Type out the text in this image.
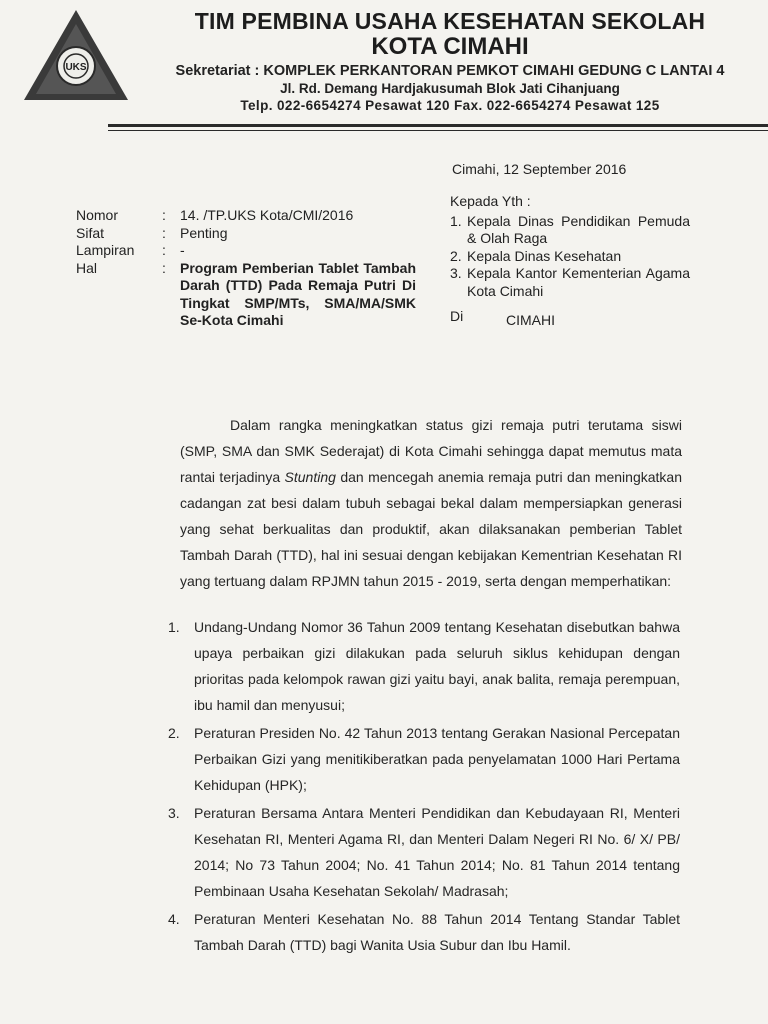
UKS
TIM PEMBINA USAHA KESEHATAN SEKOLAH
KOTA CIMAHI
Sekretariat : KOMPLEK PERKANTORAN PEMKOT CIMAHI GEDUNG C LANTAI 4
Jl. Rd. Demang Hardjakusumah Blok Jati Cihanjuang
Telp. 022-6654274 Pesawat 120 Fax. 022-6654274 Pesawat 125
Cimahi, 12 September 2016
Kepada Yth :
1. Kepala Dinas Pendidikan Pemuda & Olah Raga
2. Kepala Dinas Kesehatan
3. Kepala Kantor Kementerian Agama Kota Cimahi
Di	CIMAHI
Nomor	:	14. /TP.UKS Kota/CMI/2016
Sifat	:	Penting
Lampiran	:	-
Hal	:	Program Pemberian Tablet Tambah Darah (TTD) Pada Remaja Putri Di Tingkat SMP/MTs, SMA/MA/SMK Se-Kota Cimahi

Dalam rangka meningkatkan status gizi remaja putri terutama siswi (SMP, SMA dan SMK Sederajat) di Kota Cimahi sehingga dapat memutus mata rantai terjadinya Stunting dan mencegah anemia remaja putri dan meningkatkan cadangan zat besi dalam tubuh sebagai bekal dalam mempersiapkan generasi yang sehat berkualitas dan produktif, akan dilaksanakan pemberian Tablet Tambah Darah (TTD), hal ini sesuai dengan kebijakan Kementrian Kesehatan RI yang tertuang dalam RPJMN tahun 2015 - 2019, serta dengan memperhatikan:

1.	Undang-Undang Nomor 36 Tahun 2009 tentang Kesehatan disebutkan bahwa upaya perbaikan gizi dilakukan pada seluruh siklus kehidupan dengan prioritas pada kelompok rawan gizi yaitu bayi, anak balita, remaja perempuan, ibu hamil dan menyusui;
2.	Peraturan Presiden No. 42 Tahun 2013 tentang Gerakan Nasional Percepatan Perbaikan Gizi yang menitikiberatkan pada penyelamatan 1000 Hari Pertama Kehidupan (HPK);
3.	Peraturan Bersama Antara Menteri Pendidikan dan Kebudayaan RI, Menteri Kesehatan RI, Menteri Agama RI, dan Menteri Dalam Negeri RI No. 6/ X/ PB/ 2014; No 73 Tahun 2004; No. 41 Tahun 2014; No. 81 Tahun 2014 tentang Pembinaan Usaha Kesehatan Sekolah/ Madrasah;
4.	Peraturan Menteri Kesehatan No. 88 Tahun 2014 Tentang Standar Tablet Tambah Darah (TTD) bagi Wanita Usia Subur dan Ibu Hamil.
